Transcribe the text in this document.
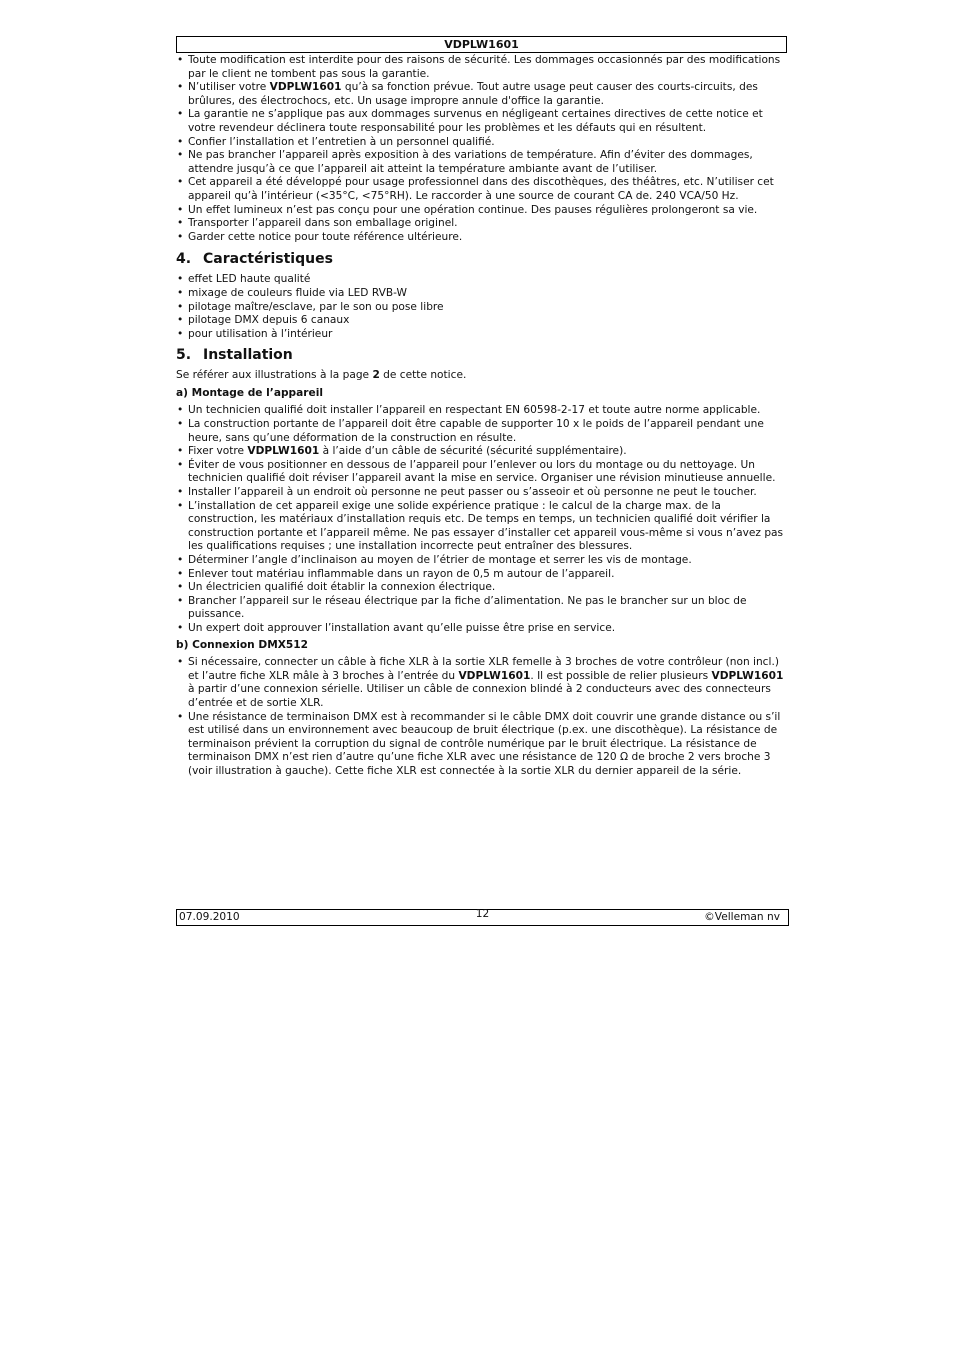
VDPLW1601
• Toute modification est interdite pour des raisons de sécurité. Les dommages occasionnés par des modifications par le client ne tombent pas sous la garantie.
• N’utiliser votre VDPLW1601 qu’à sa fonction prévue. Tout autre usage peut causer des courts-circuits, des brûlures, des électrochocs, etc. Un usage impropre annule d'office la garantie.
• La garantie ne s’applique pas aux dommages survenus en négligeant certaines directives de cette notice et votre revendeur déclinera toute responsabilité pour les problèmes et les défauts qui en résultent.
• Confier l’installation et l’entretien à un personnel qualifié.
• Ne pas brancher l’appareil après exposition à des variations de température. Afin d’éviter des dommages, attendre jusqu’à ce que l’appareil ait atteint la température ambiante avant de l’utiliser.
• Cet appareil a été développé pour usage professionnel dans des discothèques, des théâtres, etc. N’utiliser cet appareil qu’à l’intérieur (<35°C, <75°RH). Le raccorder à une source de courant CA de. 240 VCA/50 Hz.
• Un effet lumineux n’est pas conçu pour une opération continue. Des pauses régulières prolongeront sa vie.
• Transporter l’appareil dans son emballage originel.
• Garder cette notice pour toute référence ultérieure.
4. Caractéristiques
• effet LED haute qualité
• mixage de couleurs fluide via LED RVB-W
• pilotage maître/esclave, par le son ou pose libre
• pilotage DMX depuis 6 canaux
• pour utilisation à l’intérieur
5. Installation
Se référer aux illustrations à la page 2 de cette notice.
a) Montage de l’appareil
• Un technicien qualifié doit installer l’appareil en respectant EN 60598-2-17 et toute autre norme applicable.
• La construction portante de l’appareil doit être capable de supporter 10 x le poids de l’appareil pendant une heure, sans qu’une déformation de la construction en résulte.
• Fixer votre VDPLW1601 à l’aide d’un câble de sécurité (sécurité supplémentaire).
• Éviter de vous positionner en dessous de l’appareil pour l’enlever ou lors du montage ou du nettoyage. Un technicien qualifié doit réviser l’appareil avant la mise en service. Organiser une révision minutieuse annuelle.
• Installer l’appareil à un endroit où personne ne peut passer ou s’asseoir et où personne ne peut le toucher.
• L’installation de cet appareil exige une solide expérience pratique : le calcul de la charge max. de la construction, les matériaux d’installation requis etc. De temps en temps, un technicien qualifié doit vérifier la construction portante et l’appareil même. Ne pas essayer d’installer cet appareil vous-même si vous n’avez pas les qualifications requises ; une installation incorrecte peut entraîner des blessures.
• Déterminer l’angle d’inclinaison au moyen de l’étrier de montage et serrer les vis de montage.
• Enlever tout matériau inflammable dans un rayon de 0,5 m autour de l’appareil.
• Un électricien qualifié doit établir la connexion électrique.
• Brancher l’appareil sur le réseau électrique par la fiche d’alimentation. Ne pas le brancher sur un bloc de puissance.
• Un expert doit approuver l’installation avant qu’elle puisse être prise en service.
b) Connexion DMX512
• Si nécessaire, connecter un câble à fiche XLR à la sortie XLR femelle à 3 broches de votre contrôleur (non incl.) et l’autre fiche XLR mâle à 3 broches à l’entrée du VDPLW1601. Il est possible de relier plusieurs VDPLW1601 à partir d’une connexion sérielle. Utiliser un câble de connexion blindé à 2 conducteurs avec des connecteurs d’entrée et de sortie XLR.
• Une résistance de terminaison DMX est à recommander si le câble DMX doit couvrir une grande distance ou s’il est utilisé dans un environnement avec beaucoup de bruit électrique (p.ex. une discothèque). La résistance de terminaison prévient la corruption du signal de contrôle numérique par le bruit électrique. La résistance de terminaison DMX n’est rien d’autre qu’une fiche XLR avec une résistance de 120 Ω de broche 2 vers broche 3 (voir illustration à gauche). Cette fiche XLR est connectée à la sortie XLR du dernier appareil de la série.
07.09.2010	12	©Velleman nv
